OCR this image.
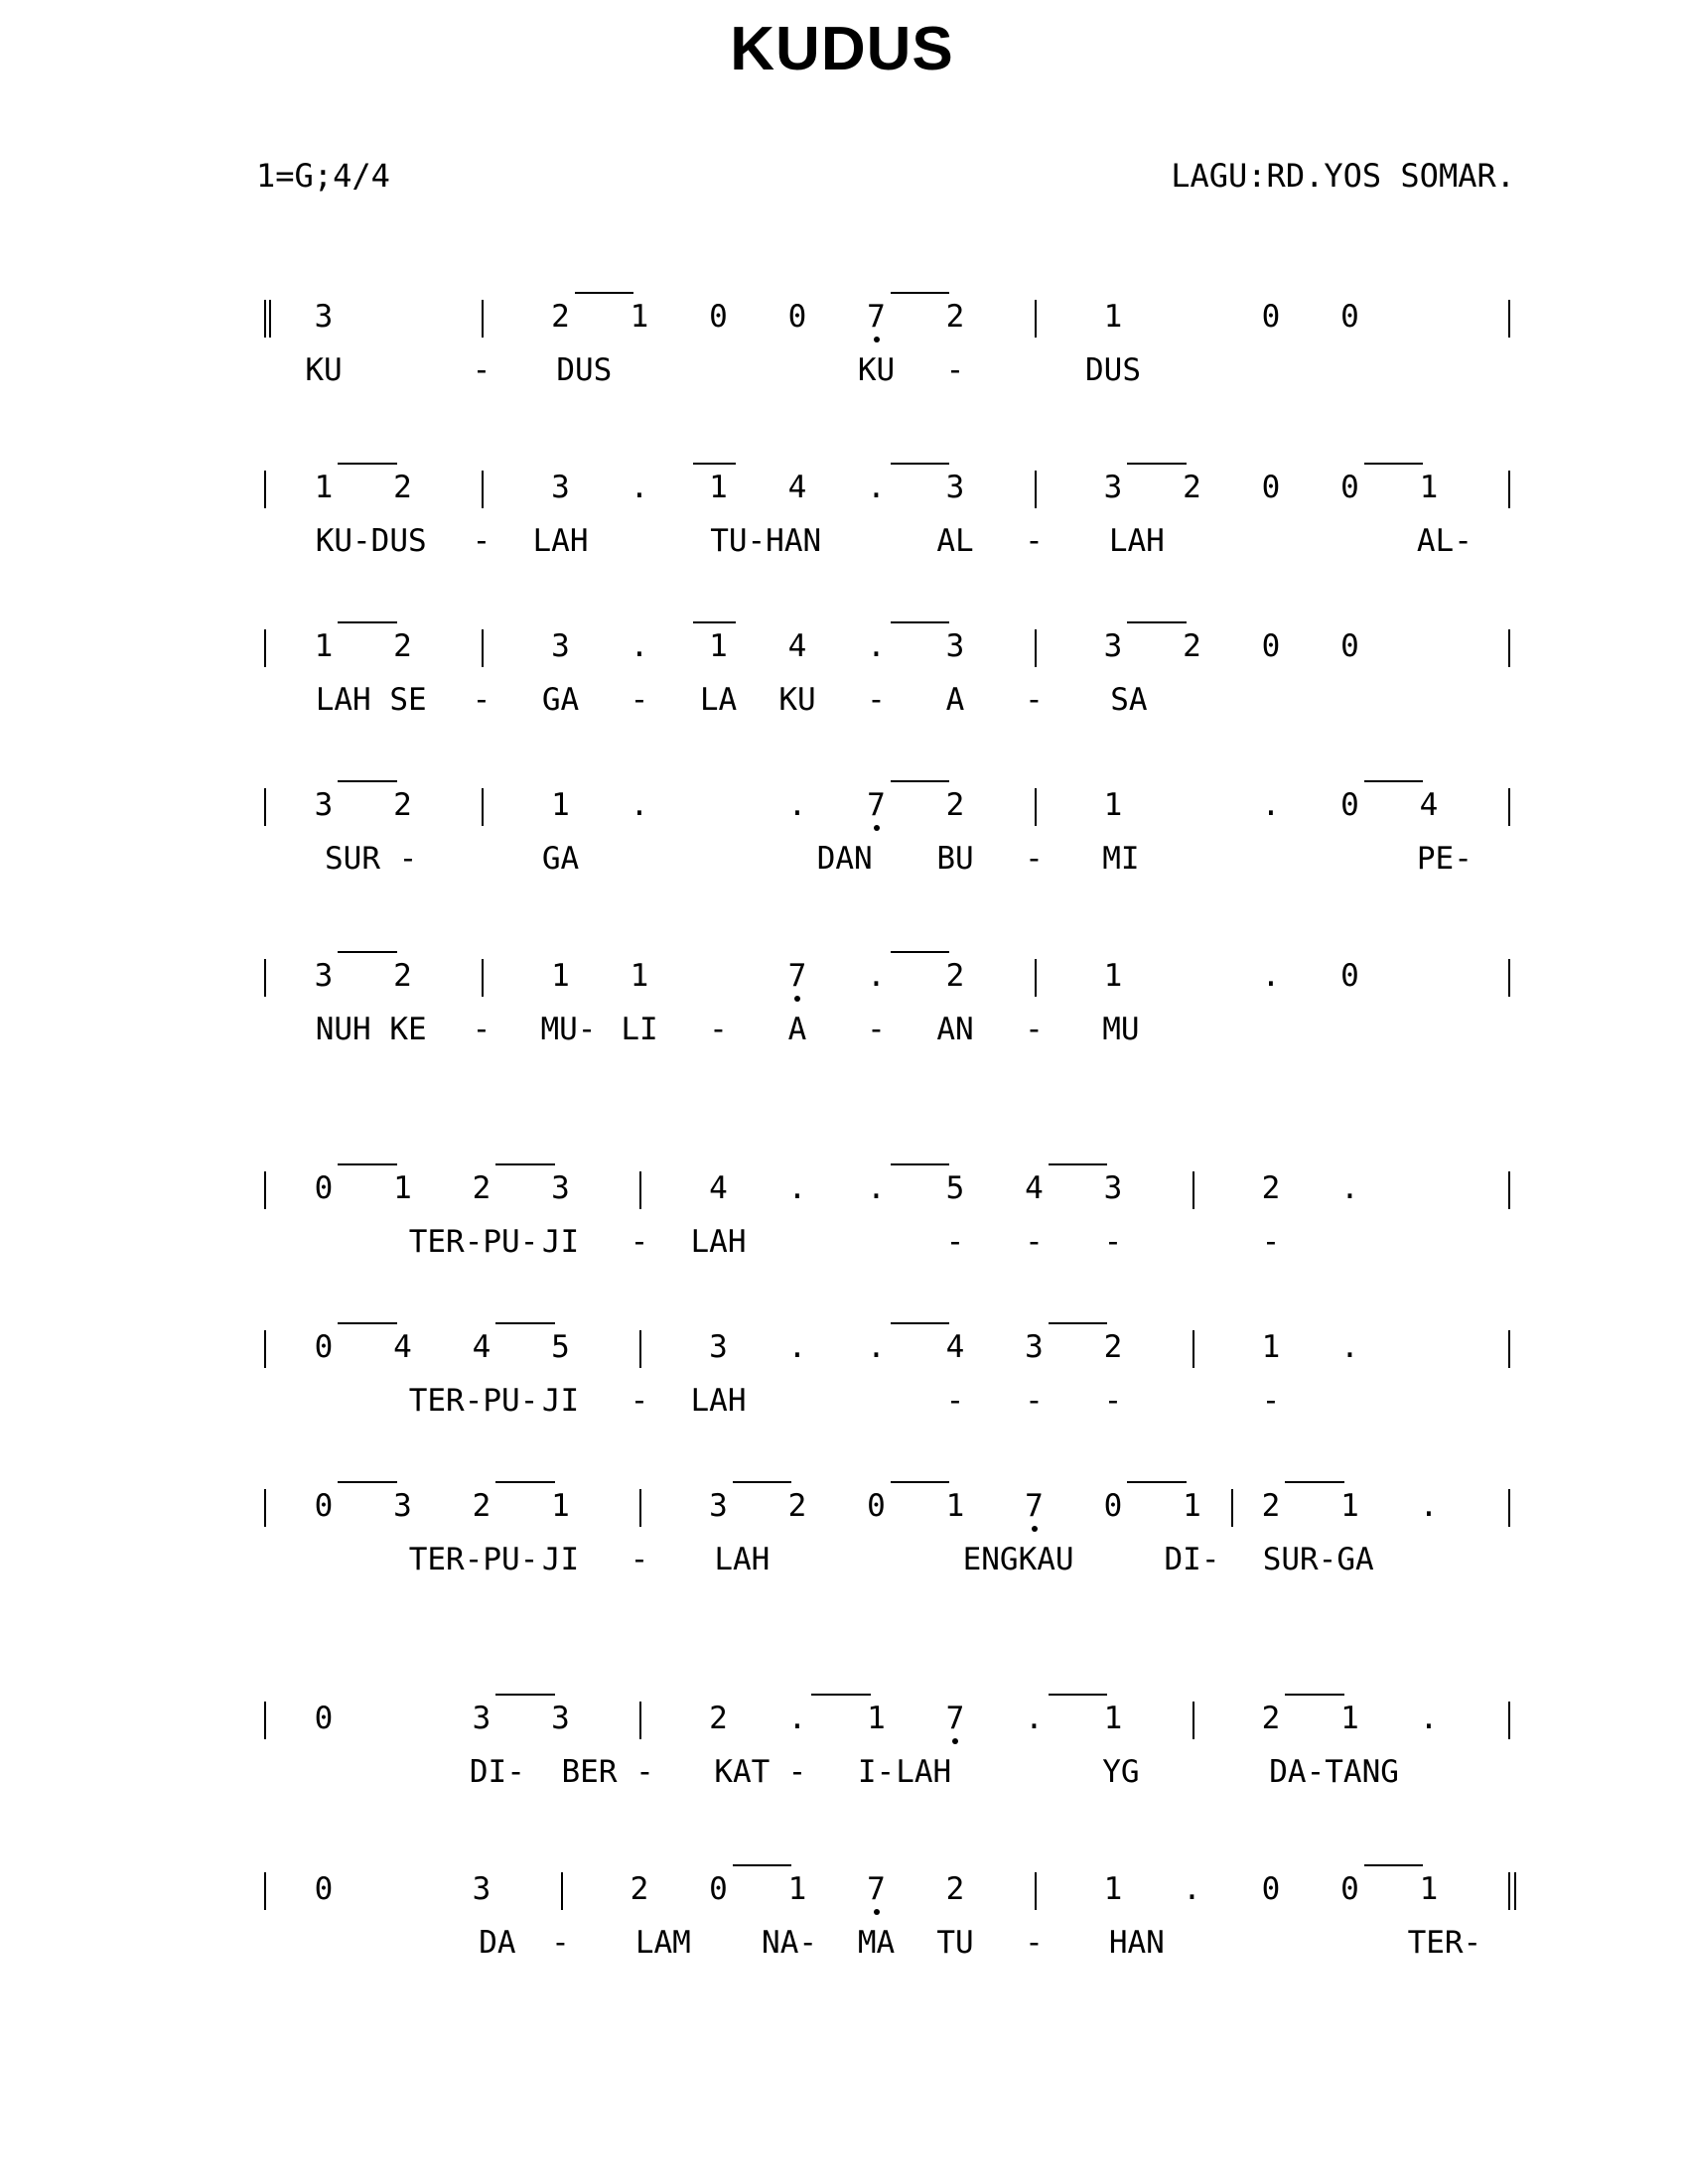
KUDUS
1=G;4/4	LAGU:RD.YOS SOMAR.
3	2 1 0 0 7 2	1	0 0
KU	- DUS	KU -	DUS
1 2	3 . 1 4 . 3	3 2 0 0 1
KU-DUS - LAH	TU-HAN	AL - LAH	AL-
1 2	3 . 1 4 . 3	3 2 0 0
LAH SE - GA - LA KU - A - SA
3 2	1 .	. 7 2	1	. 0 4
SUR -	GA	DAN BU - MI	PE-
3 2	1 1	7 . 2	1	. 0
NUH KE - MU- LI - A - AN - MU
0 1 2 3	4 . . 5 4 3	2 .
TER-PU- JI - LAH	- - -	-
0 4 4 5	3 . . 4 3 2	1 .
TER-PU- JI - LAH	- - -	-
0 3 2 1	3 2 0 1 7 0 1 2 1 .
TER-PU- JI - LAH	ENGKAU	DI- SUR-GA
0	3 3	2 . 1 7 . 1	2 1 .
DI- BER - KAT - I- LAH	YG	DA-TANG
0	3	2 0 1 7 2	1 . 0 0 1
DA - LAM NA- MA TU - HAN	TER-
